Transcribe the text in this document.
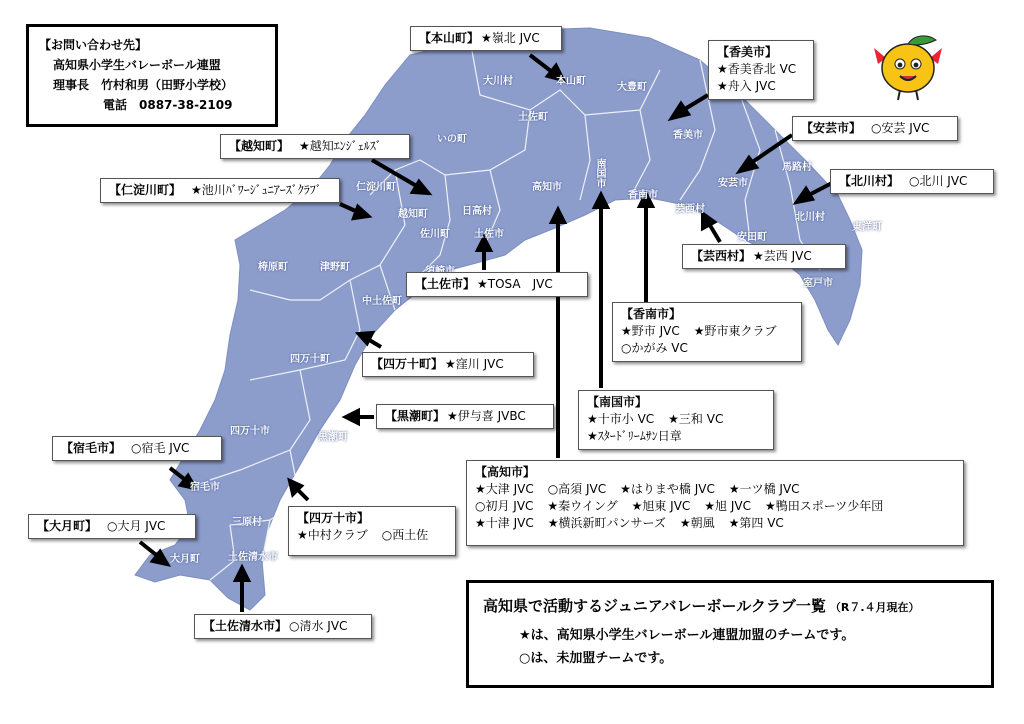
大川村	本山町
大豊町
土佐町
香美市
いの町
仁淀川町
越知町	日高村
佐川町 土佐市
高知市	南国市
香南市
芸西村
安芸市
馬路村
北川村
東洋町
安田町
室戸市
梼原町	津野町
中土佐町
四万十町
黒潮町
四万十市
宿毛市
三原村
大月町	土佐清水市
【お問い合わせ先】
高知県小学生バレーボール連盟
理事長　竹村和男（田野小学校）
電話　0887-38-2109
【本山町】 ★嶺北 JVC
【香美市】
★香美香北 VC
★舟入 JVC
【安芸市】 ○安芸 JVC
【北川村】 ○北川 JVC
【越知町】 ★越知ｴﾝｼﾞｪﾙｽﾞ
【仁淀川町】 ★池川ﾊﾞﾜｰｼﾞｭﾆｱｰｽﾞｸﾗﾌﾞ
【芸西村】 ★芸西 JVC
【土佐市】 ★TOSA　JVC
【香南市】
★野市 JVC ★野市東クラブ
○かがみ VC
【四万十町】 ★窪川 JVC
【黒潮町】 ★伊与喜 JVBC
【南国市】
★十市小 VC ★三和 VC
★ｽﾀｰﾄﾞﾘｰﾑｻﾝ日章
【宿毛市】 ○宿毛 JVC
【高知市】
★大津 JVC ○高須 JVC ★はりまや橋 JVC ★一ツ橋 JVC
○初月 JVC ★秦ウイング ★旭東 JVC ★旭 JVC ★鴨田スポーツ少年団
★十津 JVC ★横浜新町パンサーズ ★朝風 ★第四 VC
【大月町】 ○大月 JVC
【四万十市】
★中村クラブ ○西土佐
【土佐清水市】 ○清水 JVC
高知県で活動するジュニアバレーボールクラブ一覧 （R７.４月現在）
★は、高知県小学生バレーボール連盟加盟のチームです。
○は、未加盟チームです。
